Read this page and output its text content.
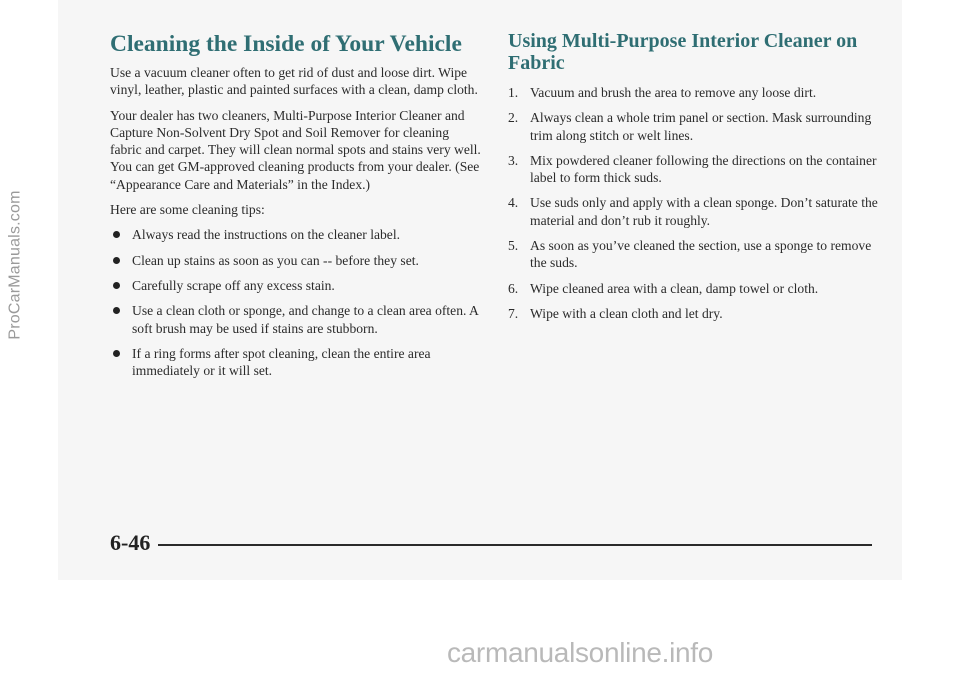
ProCarManuals.com
Cleaning the Inside of Your Vehicle

Use a vacuum cleaner often to get rid of dust and loose dirt. Wipe vinyl, leather, plastic and painted surfaces with a clean, damp cloth.

Your dealer has two cleaners, Multi-Purpose Interior Cleaner and Capture Non-Solvent Dry Spot and Soil Remover for cleaning fabric and carpet. They will clean normal spots and stains very well. You can get GM-approved cleaning products from your dealer. (See “Appearance Care and Materials” in the Index.)

Here are some cleaning tips:

Always read the instructions on the cleaner label.
Clean up stains as soon as you can -- before they set.
Carefully scrape off any excess stain.
Use a clean cloth or sponge, and change to a clean area often. A soft brush may be used if stains are stubborn.
If a ring forms after spot cleaning, clean the entire area immediately or it will set.
Using Multi-Purpose Interior Cleaner on Fabric
1. Vacuum and brush the area to remove any loose dirt.
2. Always clean a whole trim panel or section. Mask surrounding trim along stitch or welt lines.
3. Mix powdered cleaner following the directions on the container label to form thick suds.
4. Use suds only and apply with a clean sponge. Don’t saturate the material and don’t rub it roughly.
5. As soon as you’ve cleaned the section, use a sponge to remove the suds.
6. Wipe cleaned area with a clean, damp towel or cloth.
7. Wipe with a clean cloth and let dry.
6-46
carmanualsonline.info
